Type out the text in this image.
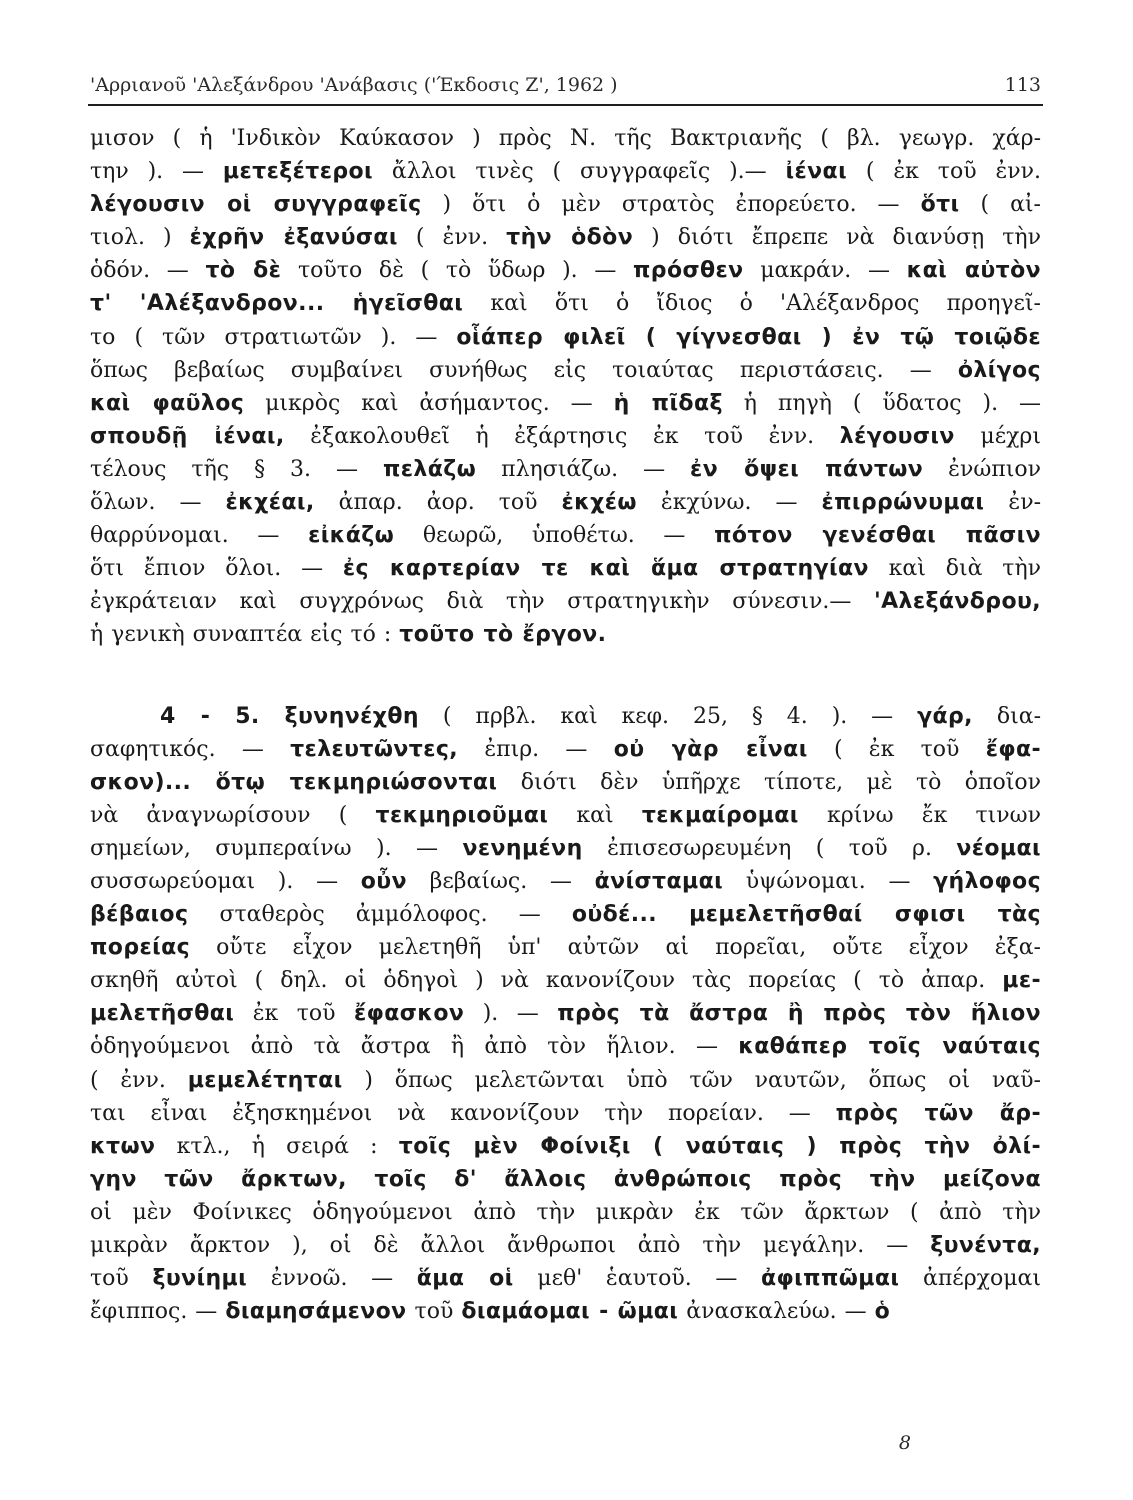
'Αρριανοῦ 'Αλεξάνδρου 'Ανάβασις ('Έκδοσις Ζ', 1962 )	113
μισον ( ἡ 'Ινδικὸν Καύκασον ) πρὸς Ν. τῆς Βακτριανῆς ( βλ. γεωγρ. χάρ-
την ). — μετεξέτεροι ἄλλοι τινὲς ( συγγραφεῖς ).— ἰέναι ( ἐκ τοῦ ἐνν.
λέγουσιν οἱ συγγραφεῖς ) ὅτι ὁ μὲν στρατὸς ἐπορεύετο. — ὅτι ( αἰ-
τιολ. ) ἐχρῆν ἐξανύσαι ( ἐνν. τὴν ὁδὸν ) διότι ἔπρεπε νὰ διανύσῃ τὴν
ὁδόν. — τὸ δὲ τοῦτο δὲ ( τὸ ὕδωρ ). — πρόσθεν μακράν. — καὶ αὐτὸν
τ' 'Αλέξανδρον... ἡγεῖσθαι καὶ ὅτι ὁ ἴδιος ὁ 'Αλέξανδρος προηγεῖ-
το ( τῶν στρατιωτῶν ). — οἷάπερ φιλεῖ ( γίγνεσθαι ) ἐν τῷ τοιῷδε
ὅπως βεβαίως συμβαίνει συνήθως εἰς τοιαύτας περιστάσεις. — ὀλίγος
καὶ φαῦλος μικρὸς καὶ ἀσήμαντος. — ἡ πῖδαξ ἡ πηγὴ ( ὕδατος ). —
σπουδῇ ἰέναι, ἐξακολουθεῖ ἡ ἐξάρτησις ἐκ τοῦ ἐνν. λέγουσιν μέχρι
τέλους τῆς § 3. — πελάζω πλησιάζω. — ἐν ὄψει πάντων ἐνώπιον
ὅλων. — ἐκχέαι, ἀπαρ. ἀορ. τοῦ ἐκχέω ἐκχύνω. — ἐπιρρώνυμαι ἐν-
θαρρύνομαι. — εἰκάζω θεωρῶ, ὑποθέτω. — πότον γενέσθαι πᾶσιν
ὅτι ἔπιον ὅλοι. — ἐς καρτερίαν τε καὶ ἅμα στρατηγίαν καὶ διὰ τὴν
ἐγκράτειαν καὶ συγχρόνως διὰ τὴν στρατηγικὴν σύνεσιν.— 'Αλεξάνδρου,
ἡ γενικὴ συναπτέα εἰς τό : τοῦτο τὸ ἔργον.
4 - 5. ξυνηνέχθη ( πρβλ. καὶ κεφ. 25, § 4. ). — γάρ, δια-
σαφητικός. — τελευτῶντες, ἐπιρ. — οὐ γὰρ εἶναι ( ἐκ τοῦ ἔφα-
σκον)... ὅτῳ τεκμηριώσονται διότι δὲν ὑπῆρχε τίποτε, μὲ τὸ ὁποῖον
νὰ ἀναγνωρίσουν ( τεκμηριοῦμαι καὶ τεκμαίρομαι κρίνω ἔκ τινων
σημείων, συμπεραίνω ). — νενημένη ἐπισεσωρευμένη ( τοῦ ρ. νέομαι
συσσωρεύομαι ). — οὖν βεβαίως. — ἀνίσταμαι ὑψώνομαι. — γήλοφος
βέβαιος σταθερὸς ἀμμόλοφος. — οὐδέ... μεμελετῆσθαί σφισι τὰς
πορείας οὔτε εἶχον μελετηθῆ ὑπ' αὐτῶν αἱ πορεῖαι, οὔτε εἶχον ἐξα-
σκηθῆ αὐτοὶ ( δηλ. οἱ ὁδηγοὶ ) νὰ κανονίζουν τὰς πορείας ( τὸ ἀπαρ. με-
μελετῆσθαι ἐκ τοῦ ἔφασκον ). — πρὸς τὰ ἄστρα ἢ πρὸς τὸν ἥλιον
ὁδηγούμενοι ἀπὸ τὰ ἄστρα ἢ ἀπὸ τὸν ἥλιον. — καθάπερ τοῖς ναύταις
( ἐνν. μεμελέτηται ) ὅπως μελετῶνται ὑπὸ τῶν ναυτῶν, ὅπως οἱ ναῦ-
ται εἶναι ἐξησκημένοι νὰ κανονίζουν τὴν πορείαν. — πρὸς τῶν ἄρ-
κτων κτλ., ἡ σειρά : τοῖς μὲν Φοίνιξι ( ναύταις ) πρὸς τὴν ὀλί-
γην τῶν ἄρκτων, τοῖς δ' ἄλλοις ἀνθρώποις πρὸς τὴν μείζονα
οἱ μὲν Φοίνικες ὁδηγούμενοι ἀπὸ τὴν μικρὰν ἐκ τῶν ἄρκτων ( ἀπὸ τὴν
μικρὰν ἄρκτον ), οἱ δὲ ἄλλοι ἄνθρωποι ἀπὸ τὴν μεγάλην. — ξυνέντα,
τοῦ ξυνίημι ἐννοῶ. — ἅμα οἱ μεθ' ἑαυτοῦ. — ἀφιππῶμαι ἀπέρχομαι
ἔφιππος. — διαμησάμενον τοῦ διαμάομαι - ῶμαι ἀνασκαλεύω. — ὁ
8
